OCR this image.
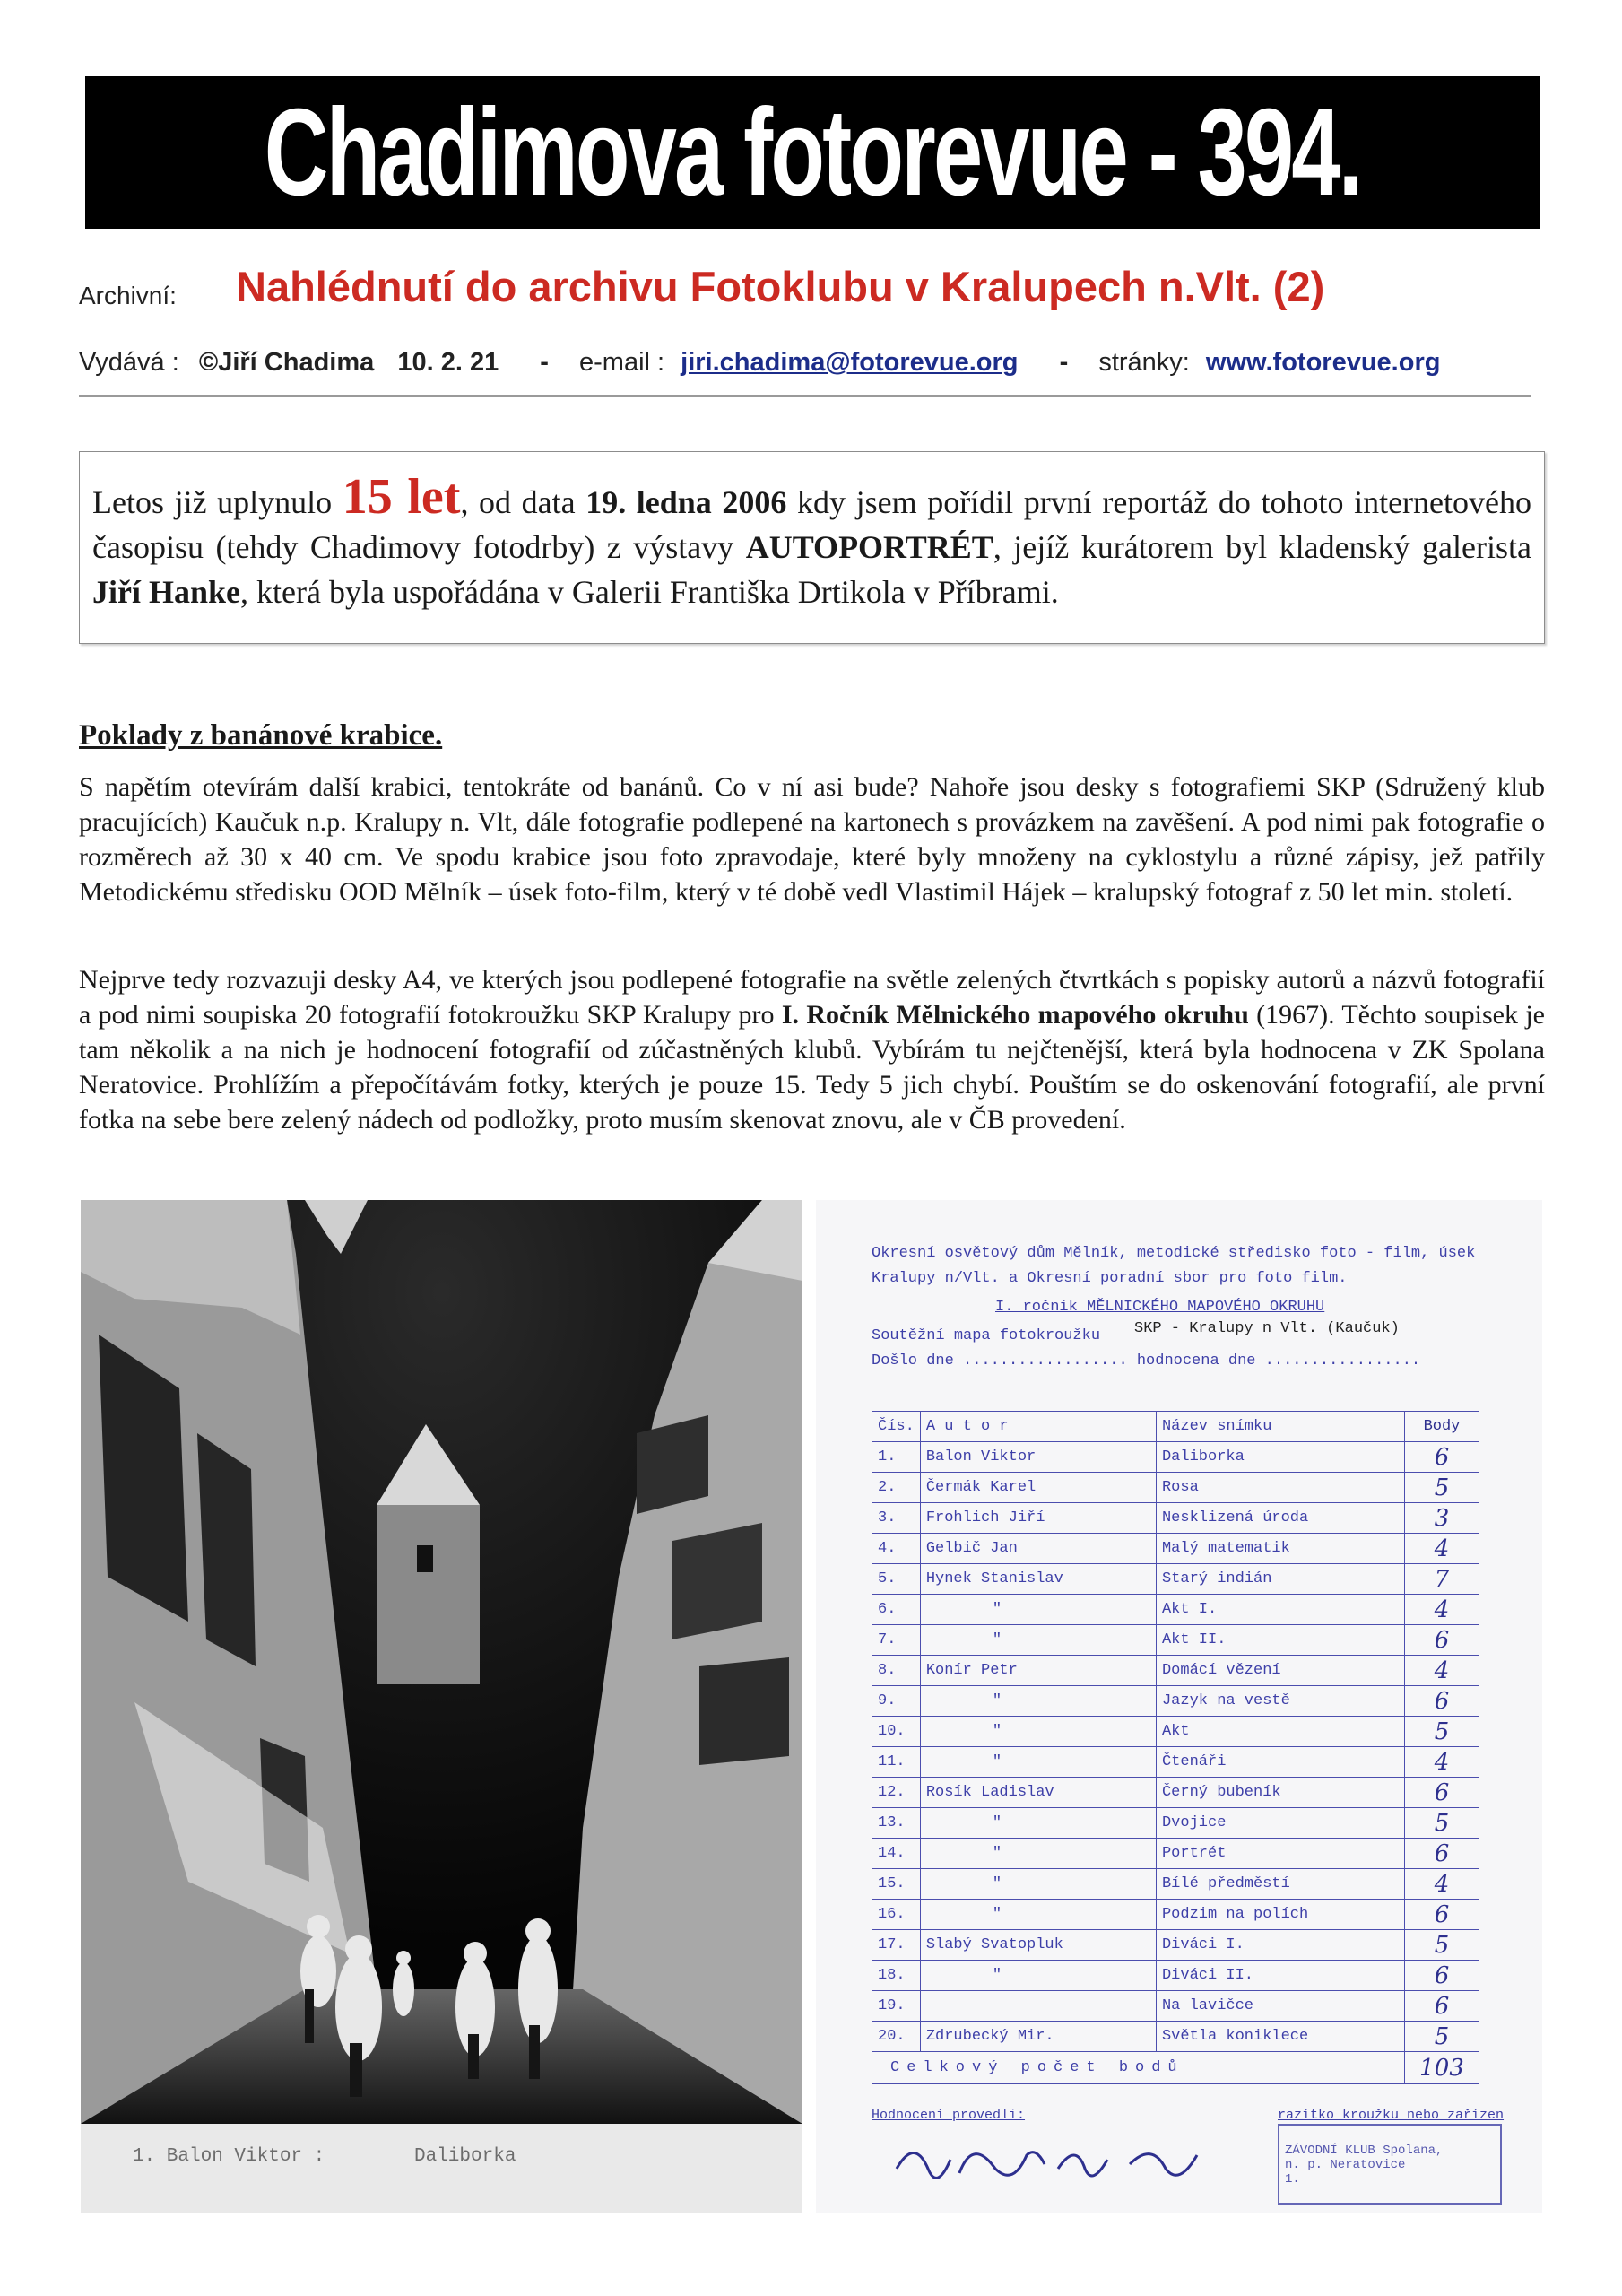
Chadimova fotorevue - 394.
Archivní: Nahlédnutí do archivu Fotoklubu v Kralupech n.Vlt. (2)
Vydává : ©Jiří Chadima 10. 2. 21 - e-mail : jiri.chadima@fotorevue.org - stránky: www.fotorevue.org
Letos již uplynulo 15 let, od data 19. ledna 2006 kdy jsem pořídil první reportáž do tohoto internetového časopisu (tehdy Chadimovy fotodrby) z výstavy AUTOPORTRÉT, jejíž kurátorem byl kladenský galerista Jiří Hanke, která byla uspořádána v Galerii Františka Drtikola v Příbrami.
Poklady z banánové krabice.
S napětím otevírám další krabici, tentokráte od banánů. Co v ní asi bude? Nahoře jsou desky s fotografiemi SKP (Sdružený klub pracujících) Kaučuk n.p. Kralupy n. Vlt, dále fotografie podlepené na kartonech s provázkem na zavěšení. A pod nimi pak fotografie o rozměrech až 30 x 40 cm. Ve spodu krabice jsou foto zpravodaje, které byly množeny na cyklostylu a různé zápisy, jež patřily Metodickému středisku OOD Mělník – úsek foto-film, který v té době vedl Vlastimil Hájek – kralupský fotograf z 50 let min. století.
Nejprve tedy rozvazuji desky A4, ve kterých jsou podlepené fotografie na světle zelených čtvrtkách s popisky autorů a názvů fotografií a pod nimi soupiska 20 fotografií fotokroužku SKP Kralupy pro I. Ročník Mělnického mapového okruhu (1967). Těchto soupisek je tam několik a na nich je hodnocení fotografií od zúčastněných klubů. Vybírám tu nejčtenější, která byla hodnocena v ZK Spolana Neratovice. Prohlížím a přepočítávám fotky, kterých je pouze 15. Tedy 5 jich chybí. Pouštím se do oskenování fotografií, ale první fotka na sebe bere zelený nádech od podložky, proto musím skenovat znovu, ale v ČB provedení.
1. Balon Viktor :	Daliborka
Okresní osvětový dům Mělník, metodické středisko foto - film, úsek
Kralupy n/Vlt. a Okresní poradní sbor pro foto film.
I. ročník MĚLNICKÉHO MAPOVÉHO OKRUHU
Soutěžní mapa fotokroužku SKP - Kralupy n Vlt. (Kaučuk)
Došlo dne .................. hodnocena dne .................
Čís.	A u t o r	Název snímku	Body
1.	Balon Viktor	Daliborka	6
2.	Čermák Karel	Rosa	5
3.	Frohlich Jiří	Nesklizená úroda	3
4.	Gelbič Jan	Malý matematik	4
5.	Hynek Stanislav	Starý indián	7
6.	"	Akt I.	4
7.	"	Akt II.	6
8.	Konír Petr	Domácí vězení	4
9.	"	Jazyk na vestě	6
10.	"	Akt	5
11.	"	Čtenáři	4
12.	Rosík Ladislav	Černý bubeník	6
13.	"	Dvojice	5
14.	"	Portrét	6
15.	"	Bílé předměstí	4
16.	"	Podzim na polích	6
17.	Slabý Svatopluk	Diváci I.	5
18.	"	Diváci II.	6
19.		Na lavičce	6
20.	Zdrubecký Mir.	Světla koniklece	5
Celkový počet bodů			103
Hodnocení provedli:	razítko kroužku nebo zařízen
ZÁVODNÍ KLUB Spolana, n. p. Neratovice
1.
